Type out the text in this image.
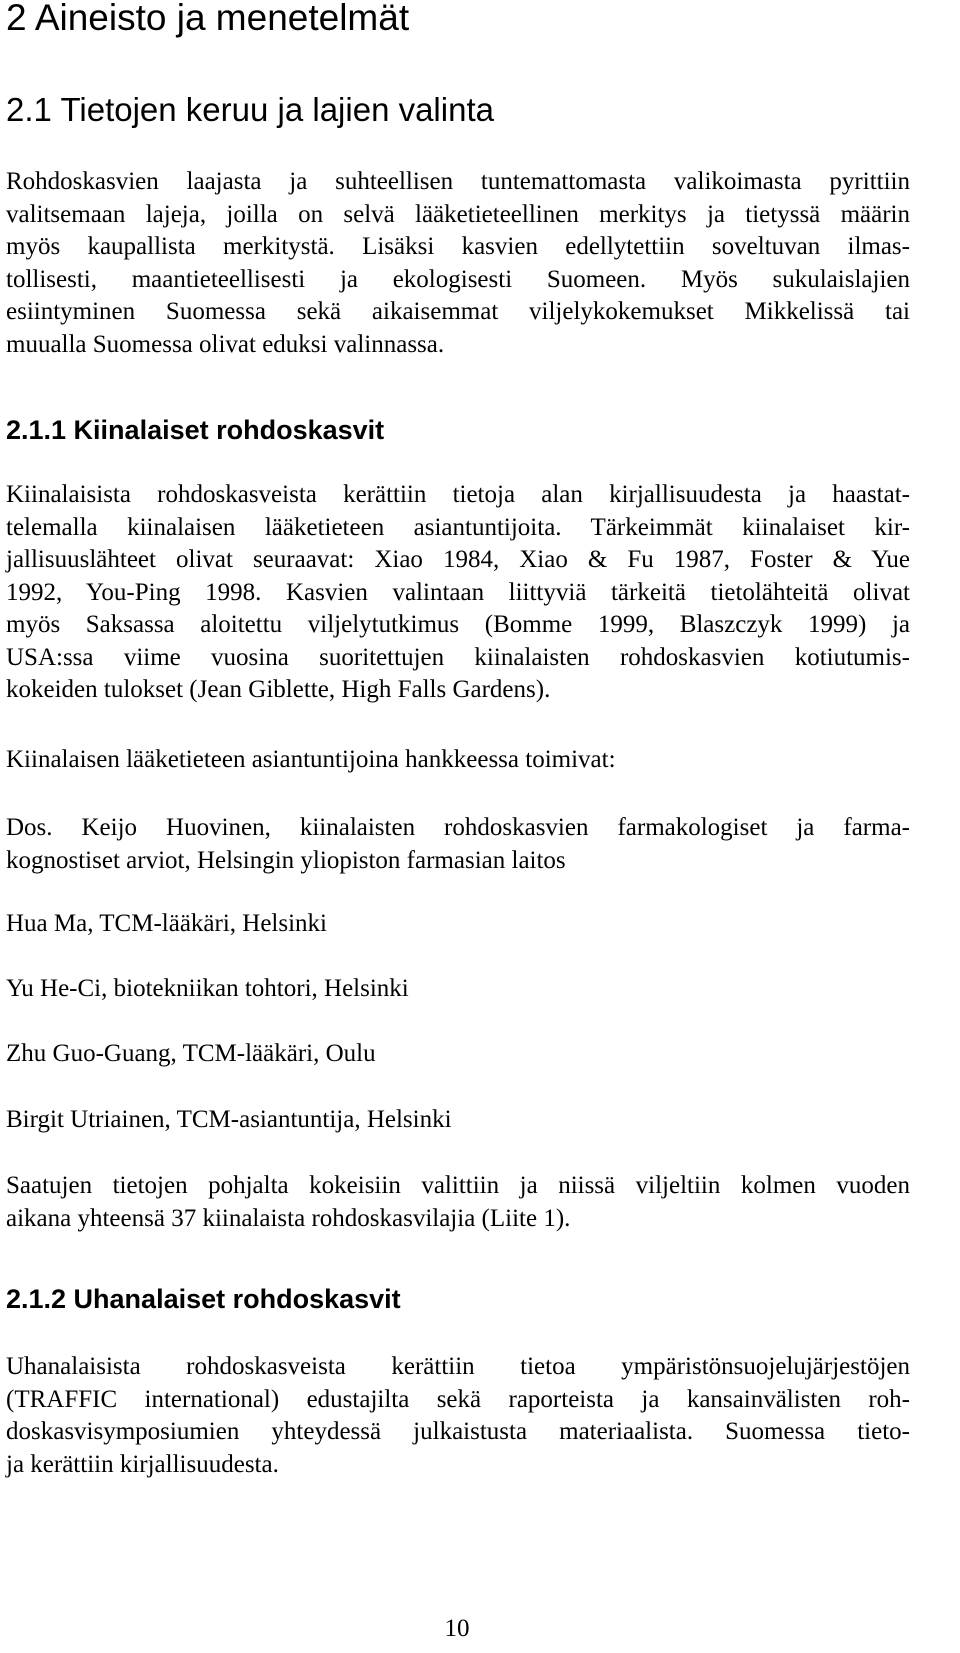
2 Aineisto ja menetelmät
2.1 Tietojen keruu ja lajien valinta
Rohdoskasvien laajasta ja suhteellisen tuntemattomasta valikoimasta pyrittiin
valitsemaan lajeja, joilla on selvä lääketieteellinen merkitys ja tietyssä määrin
myös kaupallista merkitystä. Lisäksi kasvien edellytettiin soveltuvan ilmas-
tollisesti, maantieteellisesti ja ekologisesti Suomeen. Myös sukulaislajien
esiintyminen Suomessa sekä aikaisemmat viljelykokemukset Mikkelissä tai
muualla Suomessa olivat eduksi valinnassa.
2.1.1 Kiinalaiset rohdoskasvit
Kiinalaisista rohdoskasveista kerättiin tietoja alan kirjallisuudesta ja haastat-
telemalla kiinalaisen lääketieteen asiantuntijoita. Tärkeimmät kiinalaiset kir-
jallisuuslähteet olivat seuraavat: Xiao 1984, Xiao & Fu 1987, Foster & Yue
1992, You-Ping 1998. Kasvien valintaan liittyviä tärkeitä tietolähteitä olivat
myös Saksassa aloitettu viljelytutkimus (Bomme 1999, Blaszczyk 1999) ja
USA:ssa viime vuosina suoritettujen kiinalaisten rohdoskasvien kotiutumis-
kokeiden tulokset (Jean Giblette, High Falls Gardens).

Kiinalaisen lääketieteen asiantuntijoina hankkeessa toimivat:

Dos. Keijo Huovinen, kiinalaisten rohdoskasvien farmakologiset ja farma-
kognostiset arviot, Helsingin yliopiston farmasian laitos

Hua Ma, TCM-lääkäri, Helsinki

Yu He-Ci, biotekniikan tohtori, Helsinki

Zhu Guo-Guang, TCM-lääkäri, Oulu

Birgit Utriainen, TCM-asiantuntija, Helsinki

Saatujen tietojen pohjalta kokeisiin valittiin ja niissä viljeltiin kolmen vuoden
aikana yhteensä 37 kiinalaista rohdoskasvilajia (Liite 1).
2.1.2 Uhanalaiset rohdoskasvit
Uhanalaisista rohdoskasveista kerättiin tietoa ympäristönsuojelujärjestöjen
(TRAFFIC international) edustajilta sekä raporteista ja kansainvälisten roh-
doskasvisymposiumien yhteydessä julkaistusta materiaalista. Suomessa tieto-
ja kerättiin kirjallisuudesta.
10
